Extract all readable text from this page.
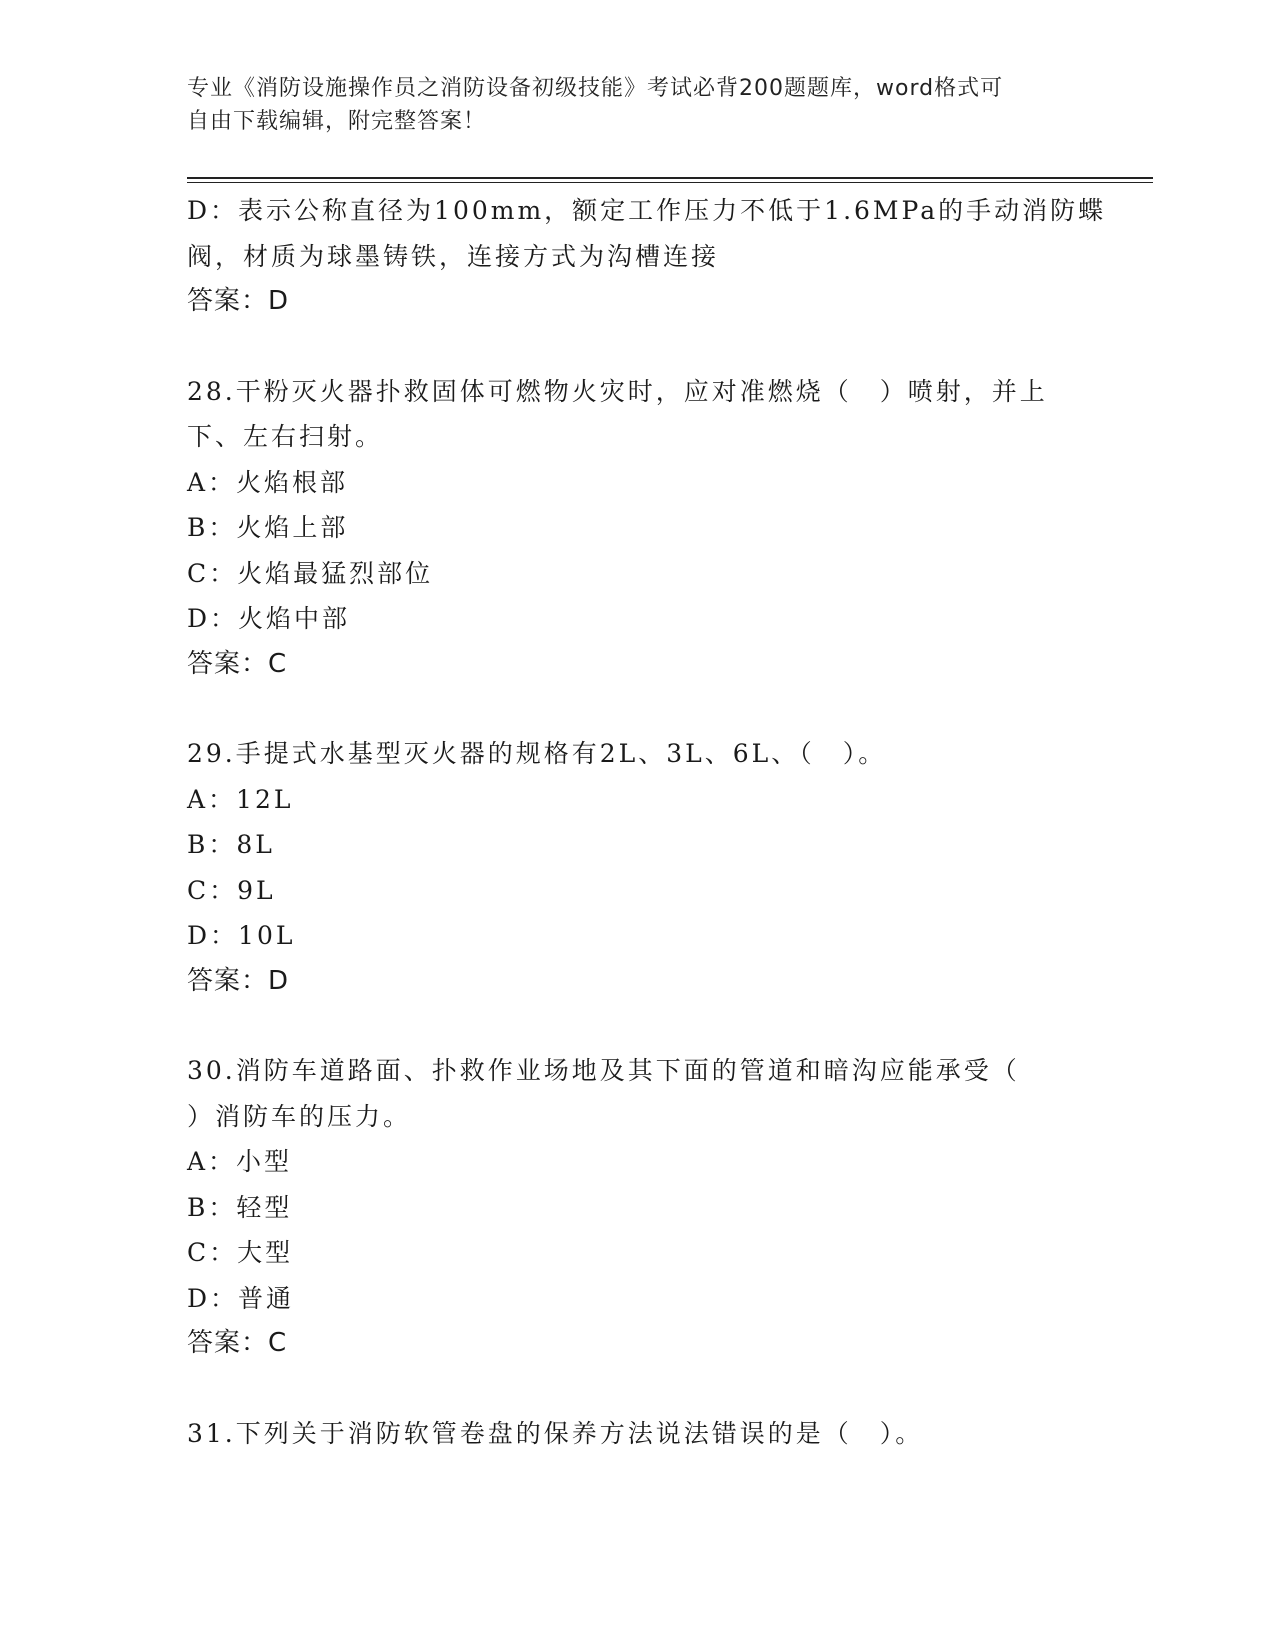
专业《消防设施操作员之消防设备初级技能》考试必背200题题库，word格式可
自由下载编辑，附完整答案！
D：表示公称直径为100mm，额定工作压力不低于1.6MPa的手动消防蝶
阀，材质为球墨铸铁，连接方式为沟槽连接
答案：D
28.干粉灭火器扑救固体可燃物火灾时，应对准燃烧（　）喷射，并上
下、左右扫射。
A：火焰根部
B：火焰上部
C：火焰最猛烈部位
D：火焰中部
答案：C
29.手提式水基型灭火器的规格有2L、3L、6L、（　）。
A：12L
B：8L
C：9L
D：10L
答案：D
30.消防车道路面、扑救作业场地及其下面的管道和暗沟应能承受（
）消防车的压力。
A：小型
B：轻型
C：大型
D：普通
答案：C
31.下列关于消防软管卷盘的保养方法说法错误的是（　）。
